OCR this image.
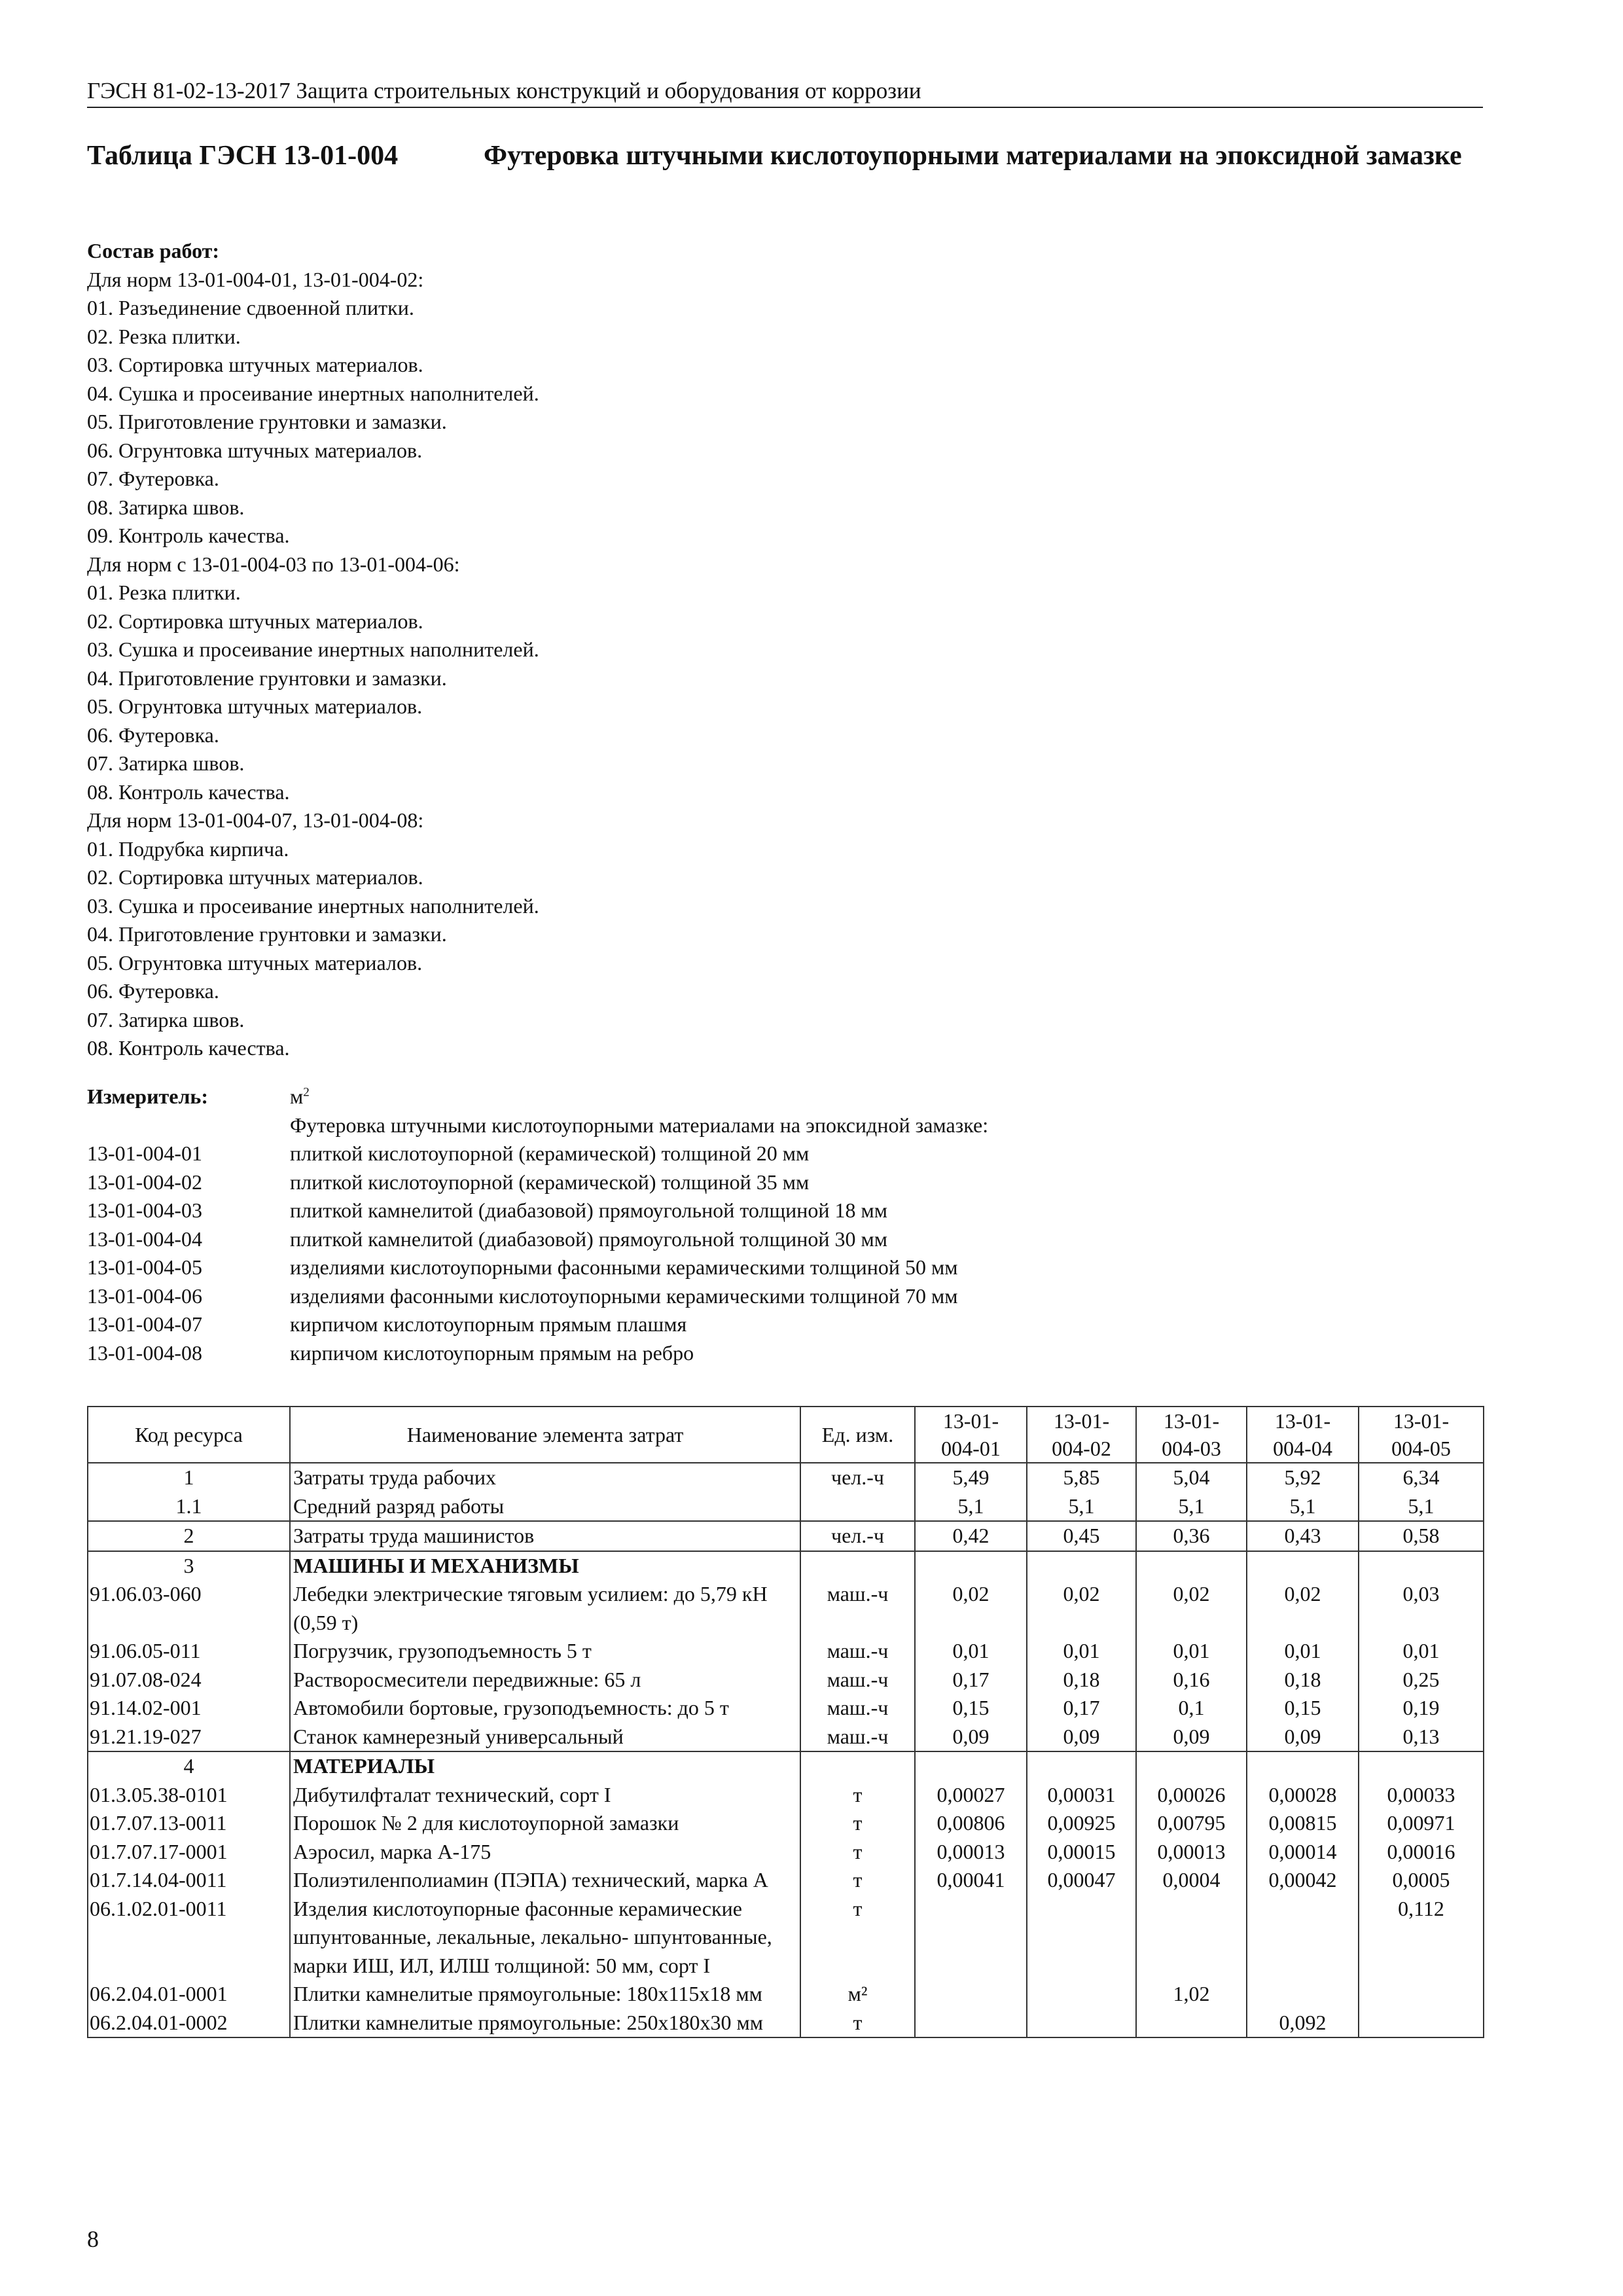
ГЭСН 81-02-13-2017 Защита строительных конструкций и оборудования от коррозии
Таблица ГЭСН 13-01-004	Футеровка штучными кислотоупорными материалами на эпоксидной замазке
Состав работ:
Для норм 13-01-004-01, 13-01-004-02:
01. Разъединение сдвоенной плитки.
02. Резка плитки.
03. Сортировка штучных материалов.
04. Сушка и просеивание инертных наполнителей.
05. Приготовление грунтовки и замазки.
06. Огрунтовка штучных материалов.
07. Футеровка.
08. Затирка швов.
09. Контроль качества.
Для норм с 13-01-004-03 по 13-01-004-06:
01. Резка плитки.
02. Сортировка штучных материалов.
03. Сушка и просеивание инертных наполнителей.
04. Приготовление грунтовки и замазки.
05. Огрунтовка штучных материалов.
06. Футеровка.
07. Затирка швов.
08. Контроль качества.
Для норм 13-01-004-07, 13-01-004-08:
01. Подрубка кирпича.
02. Сортировка штучных материалов.
03. Сушка и просеивание инертных наполнителей.
04. Приготовление грунтовки и замазки.
05. Огрунтовка штучных материалов.
06. Футеровка.
07. Затирка швов.
08. Контроль качества.
Измеритель:	$м^2$
Футеровка штучными кислотоупорными материалами на эпоксидной замазке:
13-01-004-01	плиткой кислотоупорной (керамической) толщиной 20 мм
13-01-004-02	плиткой кислотоупорной (керамической) толщиной 35 мм
13-01-004-03	плиткой камнелитой (диабазовой) прямоугольной толщиной 18 мм
13-01-004-04	плиткой камнелитой (диабазовой) прямоугольной толщиной 30 мм
13-01-004-05	изделиями кислотоупорными фасонными керамическими толщиной 50 мм
13-01-004-06	изделиями фасонными кислотоупорными керамическими толщиной 70 мм
13-01-004-07	кирпичом кислотоупорным прямым плашмя
13-01-004-08	кирпичом кислотоупорным прямым на ребро
Код ресурса	Наименование элемента затрат	Ед. изм.	13-01-
004-01	13-01-
004-02	13-01-
004-03	13-01-
004-04	13-01-
004-05
1	Затраты труда рабочих	чел.-ч	5,49	5,85	5,04	5,92	6,34
1.1	Средний разряд работы		5,1	5,1	5,1	5,1	5,1
2	Затраты труда машинистов	чел.-ч	0,42	0,45	0,36	0,43	0,58
3	МАШИНЫ И МЕХАНИЗМЫ						
91.06.03-060	Лебедки электрические тяговым усилием: до 5,79 кН (0,59 т)	маш.-ч	0,02	0,02	0,02	0,02	0,03
91.06.05-011	Погрузчик, грузоподъемность 5 т	маш.-ч	0,01	0,01	0,01	0,01	0,01
91.07.08-024	Растворосмесители передвижные: 65 л	маш.-ч	0,17	0,18	0,16	0,18	0,25
91.14.02-001	Автомобили бортовые, грузоподъемность: до 5 т	маш.-ч	0,15	0,17	0,1	0,15	0,19
91.21.19-027	Станок камнерезный универсальный	маш.-ч	0,09	0,09	0,09	0,09	0,13
4	МАТЕРИАЛЫ						
01.3.05.38-0101	Дибутилфталат технический, сорт I	т	0,00027	0,00031	0,00026	0,00028	0,00033
01.7.07.13-0011	Порошок № 2 для кислотоупорной замазки	т	0,00806	0,00925	0,00795	0,00815	0,00971
01.7.07.17-0001	Аэросил, марка А-175	т	0,00013	0,00015	0,00013	0,00014	0,00016
01.7.14.04-0011	Полиэтиленполиамин (ПЭПА) технический, марка А	т	0,00041	0,00047	0,0004	0,00042	0,0005
06.1.02.01-0011	Изделия кислотоупорные фасонные керамические шпунтованные, лекальные, лекально- шпунтованные, марки ИШ, ИЛ, ИЛШ толщиной: 50 мм, сорт I	т					0,112
06.2.04.01-0001	Плитки камнелитые прямоугольные: 180x115x18 мм	м²			1,02		
06.2.04.01-0002	Плитки камнелитые прямоугольные: 250x180x30 мм	т				0,092	
8
